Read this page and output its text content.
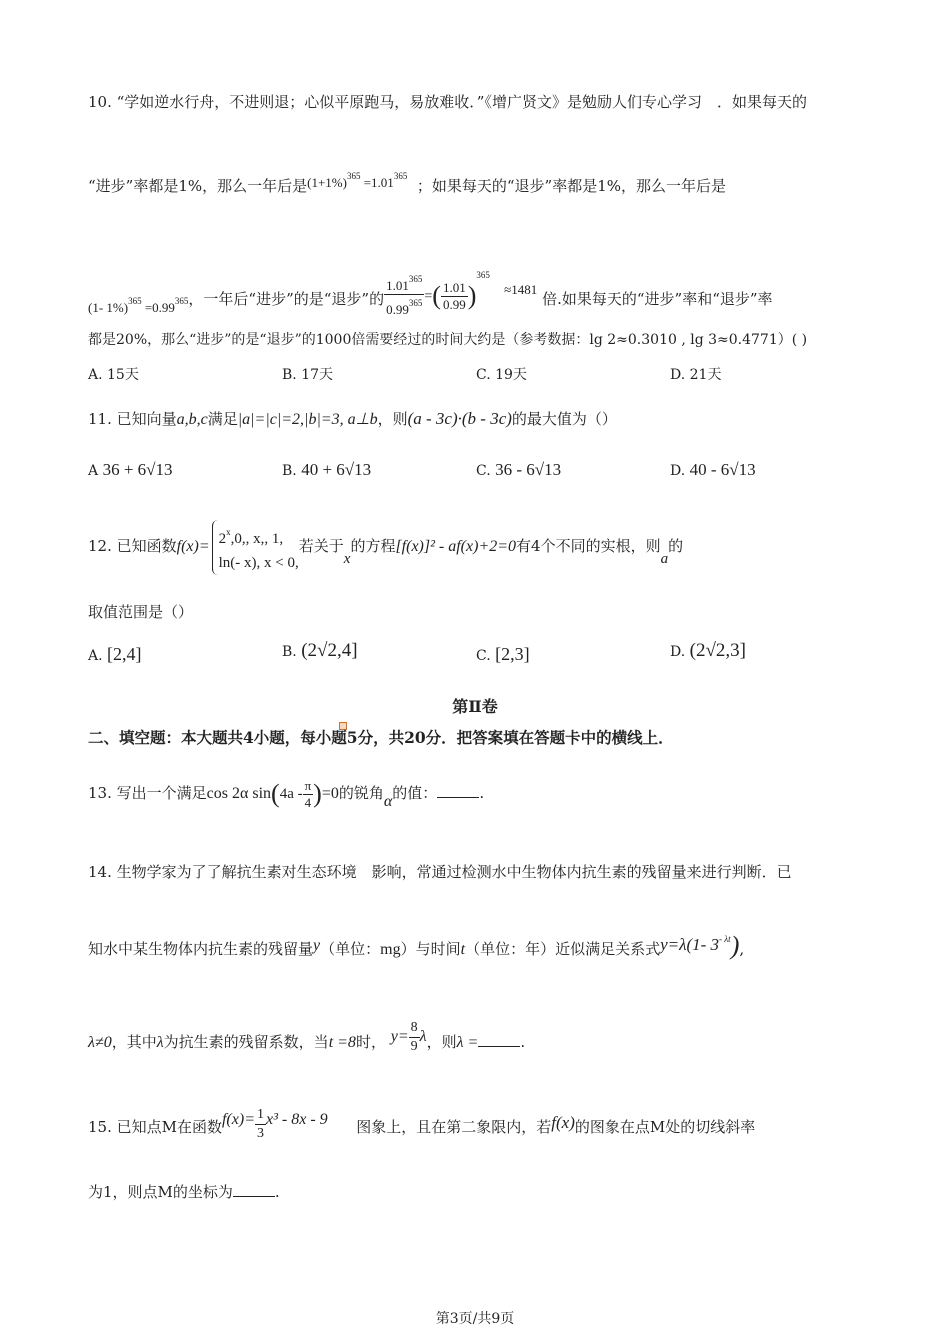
10. “学如逆水行舟，不进则退；心似平原跑马，易放难收．”《增广贤文》是勉励人们专心学习　．如果每天的
“进步”率都是1%，那么一年后是$(1+1\%)^{365} =1.01^{365}$  ；如果每天的“退步”率都是1%，那么一年后是
(1- $1\%)^{365} =0.99^{365}$，一年后“进步”的是“退步”的 $\frac{1.01^{365}}{0.99^{365}}$ =( $\frac{1.01}{0.99} )^{365} \approx 1481$ 倍.如果每天的“进步”率和“退步”率
都是20%，那么“进步”的是“退步”的1000倍需要经过的时间大约是（参考数据：lg 2≈0.3010 , lg 3≈0.4771）( )
A. 15天	B. 17天	C. 19天	D. 21天
11. 已知向量a,b,c满足|a|=|c|=2,|b|=3, a⊥b，则(a - 3c)·(b - 3c)的最大值为（）
A 36 + 6√13	B. 40 + 6√13	C. 36 - 6√13	D. 40 - 6√13
12. 已知函数$f(x)= 2^x,0$,, x,, 1,
ln(- x), x < 0,
若关于x的方程[f(x)]² - af(x)+2=0有4个不同的实根，则a的
取值范围是（）
A. [2,4]	B. (2√2,4]	C. [2,3]	D. (2√2,3]
第Ⅱ卷
二、填空题：本大题共4小题，每小题5分，共20分．把答案填在答题卡中的横线上．
13. 写出一个满足cos 2α $\sin(4a - \frac{\pi}{4} )=0$的锐角α的值：	.
14. 生物学家为了了解抗生素对生态环境　影响，常通过检测水中生物体内抗生素的残留量来进行判断．已
知水中某生物体内抗生素的残留量y（单位：mg）与时间t（单位：年）近似满足关系式y=λ(1- $3^{- \lambda t}$),
λ≠0，其中λ为抗生素的残留系数，当t =8时， $y= \frac{8}{9}$ λ，则λ =	.
15. 已知点M在函数$f(x)= \frac{1}{3} x^3 - 8x - 9$ 图象上，且在第二象限内，若f(x)的图象在点M处的切线斜率
为1，则点M的坐标为	.
第3页/共9页
